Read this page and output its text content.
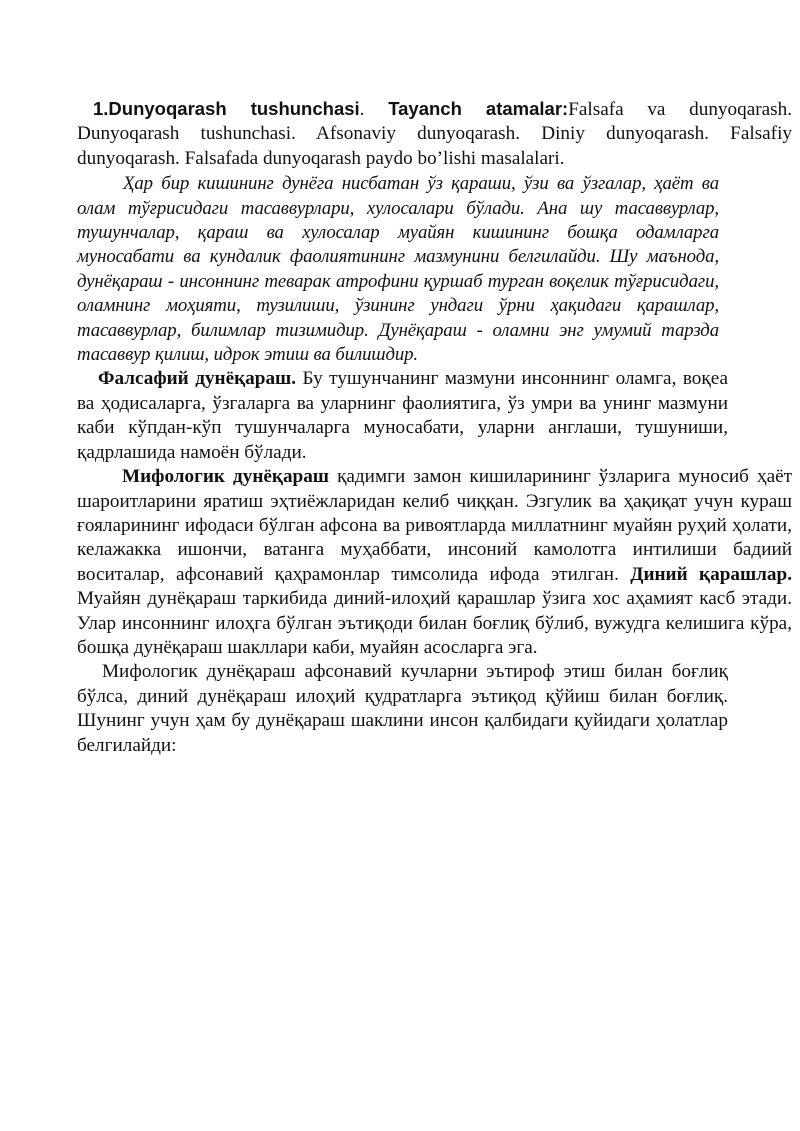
1.Dunyoqarash tushunchasi. Tayanch atamalar:Falsafa va dunyoqarash. Dunyoqarash tushunchasi. Afsonaviy dunyoqarash. Diniy dunyoqarash. Falsafiy dunyoqarash. Falsafada dunyoqarash paydo bo’lishi masalalari.

Ҳар бир кишининг дунёга нисбатан ўз қараши, ўзи ва ўзгалар, ҳаёт ва олам тўғрисидаги тасаввурлари, хулосалари бўлади. Ана шу тасаввурлар, тушунчалар, қараш ва хулосалар муайян кишининг бошқа одамларга муносабати ва кундалик фаолиятининг мазмунини белгилайди. Шу маънода, дунёқараш - инсоннинг теварак атрофини қуршаб турган воқелик тўғрисидаги, оламнинг моҳияти, тузилиши, ўзининг ундаги ўрни ҳақидаги қарашлар, тасаввурлар, билимлар тизимидир. Дунёқараш - оламни энг умумий тарзда тасаввур қилиш, идрок этиш ва билишдир.

Фалсафий дунёқараш. Бу тушунчанинг мазмуни инсоннинг оламга, воқеа ва ҳодисаларга, ўзгаларга ва уларнинг фаолиятига, ўз умри ва унинг мазмуни каби кўпдан-кўп тушунчаларга муносабати, уларни англаши, тушуниши, қадрлашида намоён бўлади.

Мифологик дунёқараш қадимги замон кишиларининг ўзларига муносиб ҳаёт шароитларини яратиш эҳтиёжларидан келиб чиққан. Эзгулик ва ҳақиқат учун кураш ғояларининг ифодаси бўлган афсона ва ривоятларда миллатнинг муайян руҳий ҳолати, келажакка ишончи, ватанга муҳаббати, инсоний камолотга интилиши бадиий воситалар, афсонавий қаҳрамонлар тимсолида ифода этилган. Диний қарашлар. Муайян дунёқараш таркибида диний-илоҳий қарашлар ўзига хос аҳамият касб этади. Улар инсоннинг илоҳга бўлган эътиқоди билан боғлиқ бўлиб, вужудга келишига кўра, бошқа дунёқараш шакллари каби, муайян асосларга эга.

Мифологик дунёқараш афсонавий кучларни эътироф этиш билан боғлиқ бўлса, диний дунёқараш илоҳий қудратларга эътиқод қўйиш билан боғлиқ. Шунинг учун ҳам бу дунёқараш шаклини инсон қалбидаги қуйидаги ҳолатлар белгилайди:
